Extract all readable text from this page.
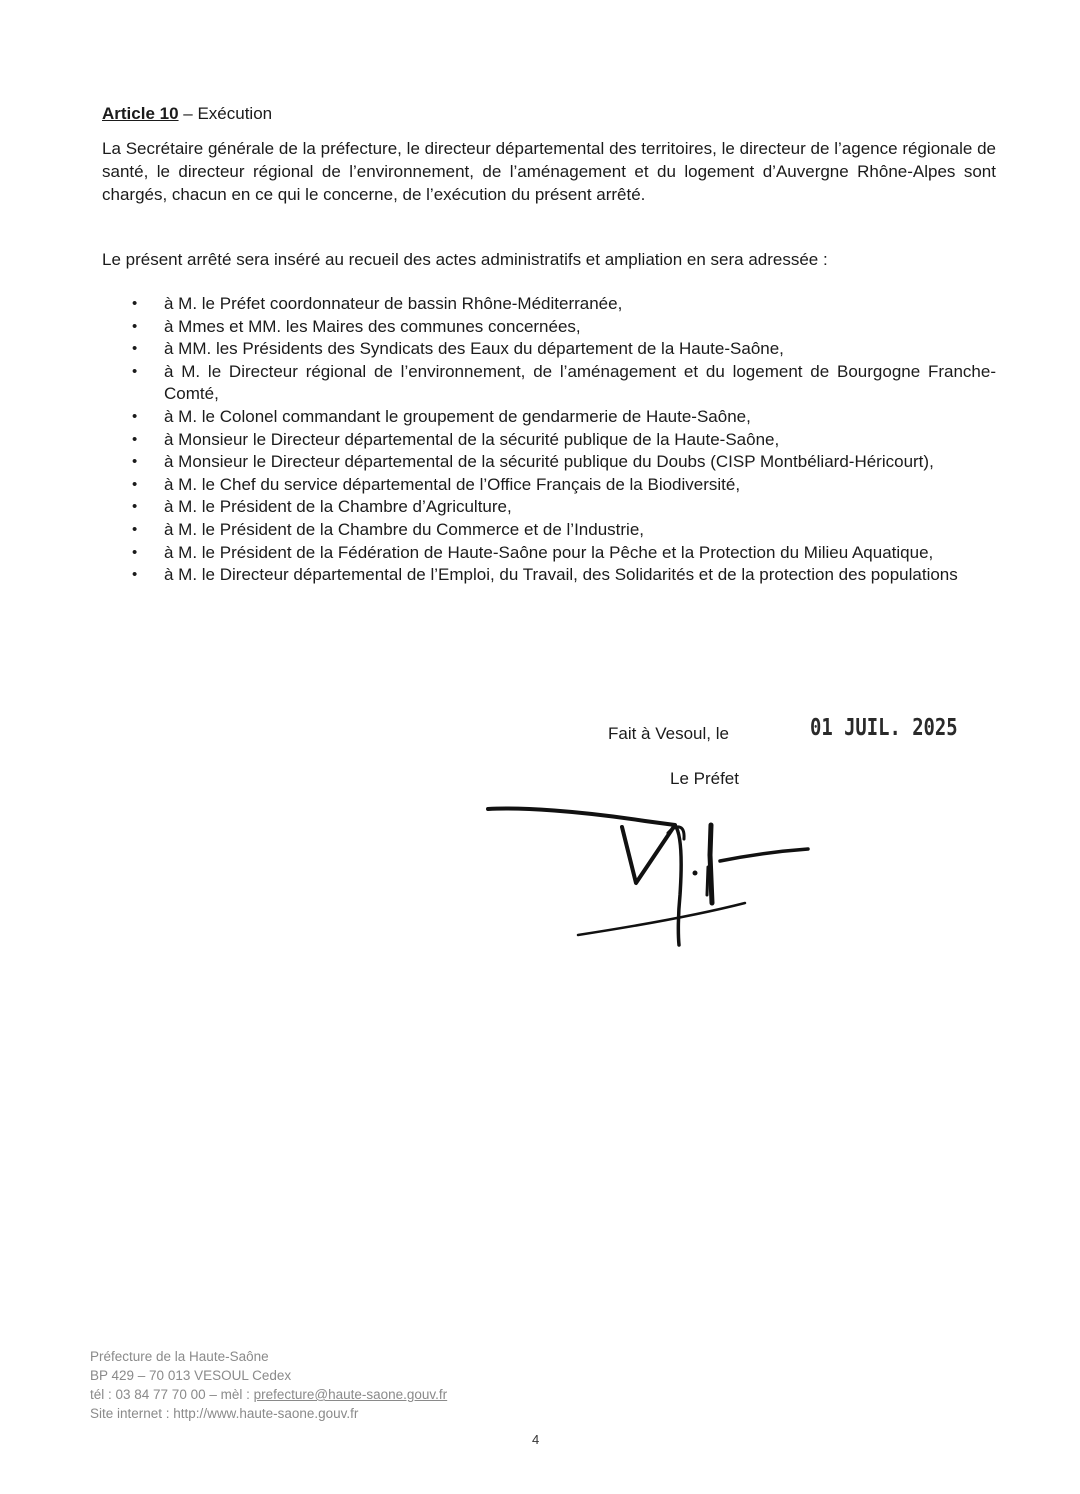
Article 10 – Exécution

La Secrétaire générale de la préfecture, le directeur départemental des territoires, le directeur de l’agence régionale de santé, le directeur régional de l’environnement, de l’aménagement et du logement d’Auvergne Rhône-Alpes sont chargés, chacun en ce qui le concerne, de l’exécution du présent arrêté.

Le présent arrêté sera inséré au recueil des actes administratifs et ampliation en sera adressée :

• à M. le Préfet coordonnateur de bassin Rhône-Méditerranée,
• à Mmes et MM. les Maires des communes concernées,
• à MM. les Présidents des Syndicats des Eaux du département de la Haute-Saône,
• à M. le Directeur régional de l’environnement, de l’aménagement et du logement de Bourgogne Franche-Comté,
• à M. le Colonel commandant le groupement de gendarmerie de Haute-Saône,
• à Monsieur le Directeur départemental de la sécurité publique de la Haute-Saône,
• à Monsieur le Directeur départemental de la sécurité publique du Doubs (CISP Montbéliard-Héricourt),
• à M. le Chef du service départemental de l’Office Français de la Biodiversité,
• à M. le Président de la Chambre d’Agriculture,
• à M. le Président de la Chambre du Commerce et de l’Industrie,
• à M. le Président de la Fédération de Haute-Saône pour la Pêche et la Protection du Milieu Aquatique,
• à M. le Directeur départemental de l’Emploi, du Travail, des Solidarités et de la protection des populations
Fait à Vesoul, le	01 JUIL. 2025
Le Préfet
Préfecture de la Haute-Saône
BP 429 – 70 013 VESOUL Cedex
tél : 03 84 77 70 00 – mèl : prefecture@haute-saone.gouv.fr
Site internet : http://www.haute-saone.gouv.fr
4
